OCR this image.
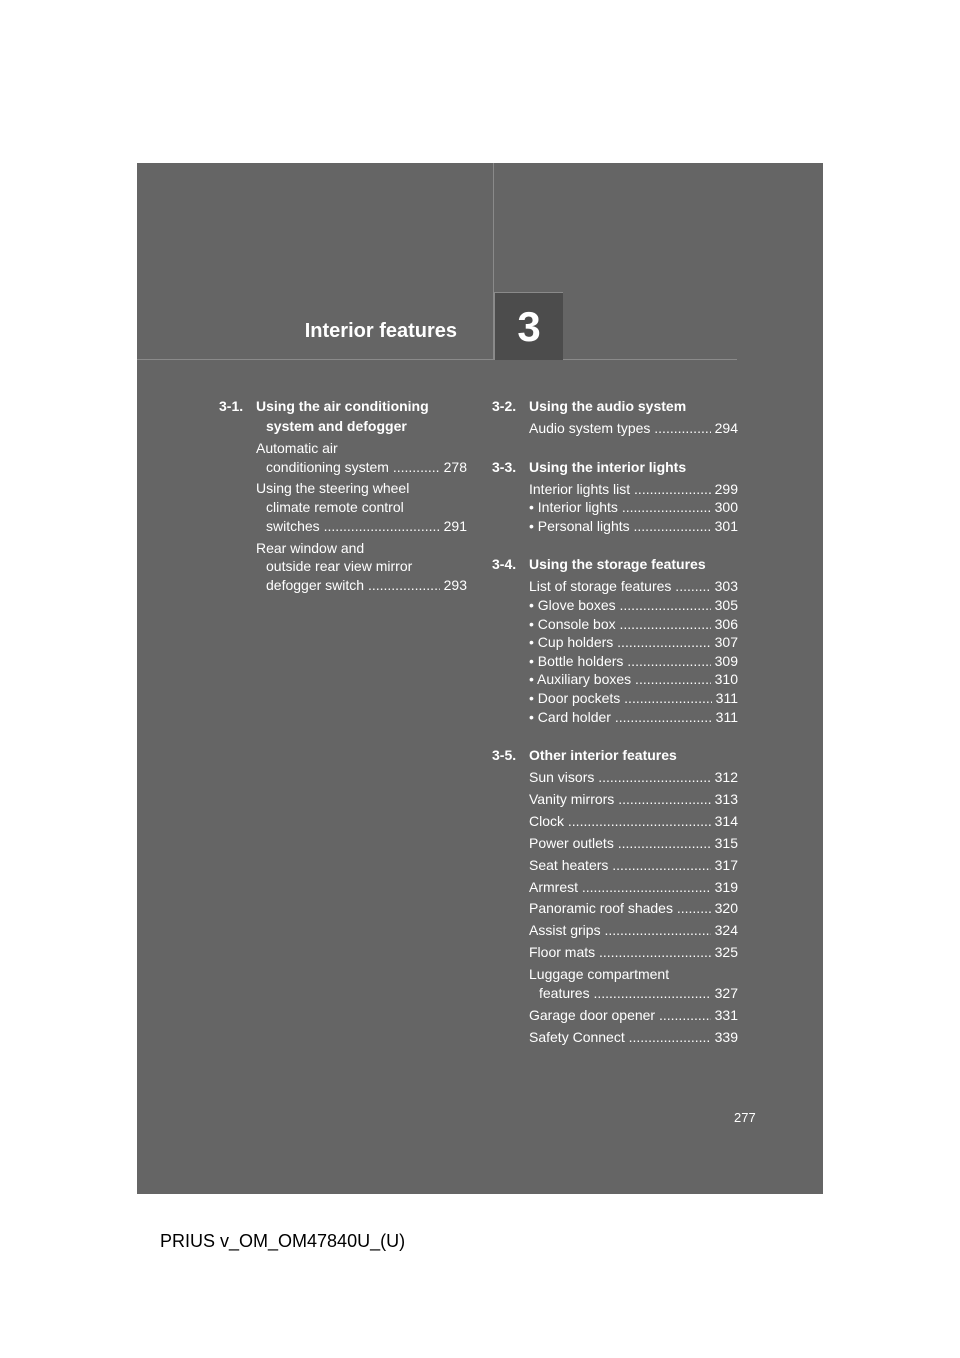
Interior features	3
3-1. Using the air conditioning
system and defogger
Automatic air
conditioning system .....	278
Using the steering wheel
climate remote control
switches .....	291
Rear window and
outside rear view mirror
defogger switch .....	293
3-2. Using the audio system
Audio system types .....	294
3-3. Using the interior lights
Interior lights list .....	299
• Interior lights .....	300
• Personal lights .....	301
3-4. Using the storage features
List of storage features .....	303
• Glove boxes .....	305
• Console box .....	306
• Cup holders .....	307
• Bottle holders .....	309
• Auxiliary boxes .....	310
• Door pockets .....	311
• Card holder .....	311
3-5. Other interior features
Sun visors .....	312
Vanity mirrors .....	313
Clock .....	314
Power outlets .....	315
Seat heaters .....	317
Armrest .....	319
Panoramic roof shades .....	320
Assist grips .....	324
Floor mats .....	325
Luggage compartment
features .....	327
Garage door opener .....	331
Safety Connect .....	339
277
PRIUS v_OM_OM47840U_(U)
